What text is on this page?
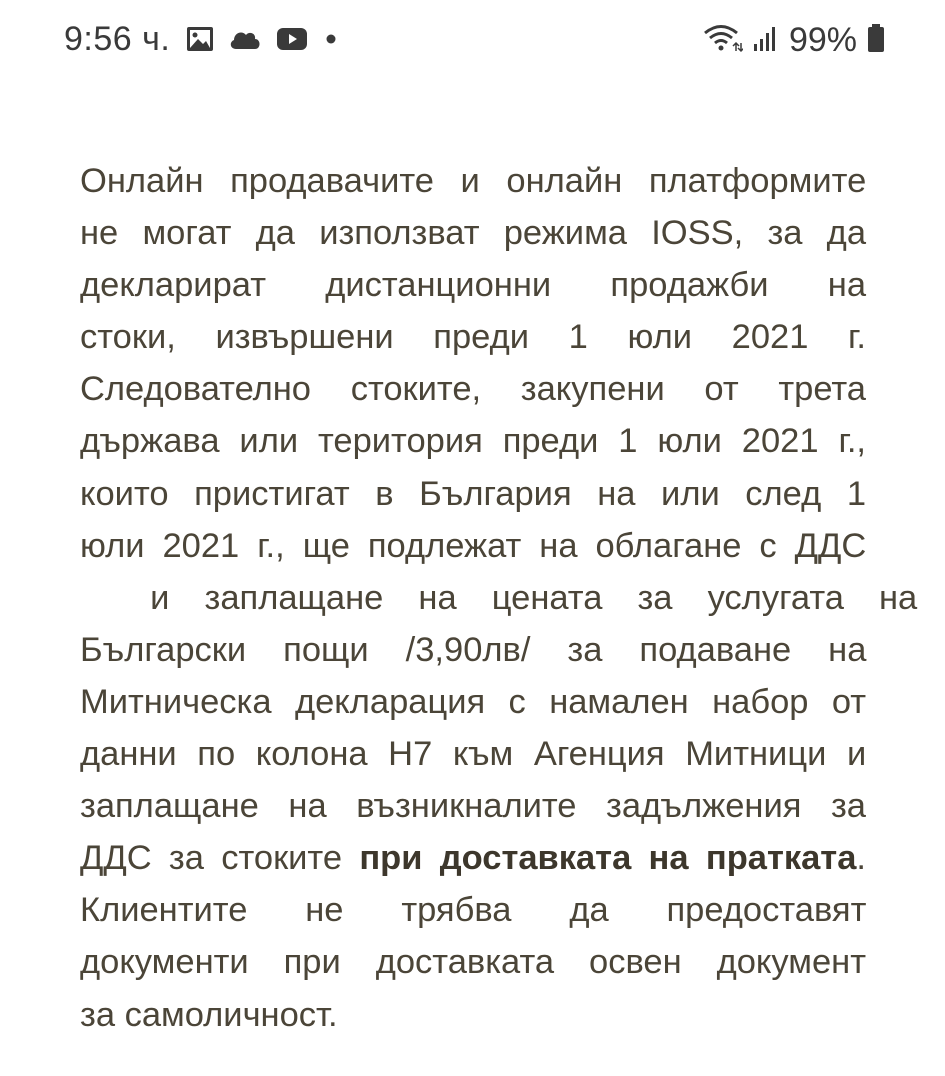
9:56 ч.	99%
Онлайн продавачите и онлайн платформите
не могат да използват режима IOSS, за да
декларират дистанционни продажби на
стоки, извършени преди 1 юли 2021 г.
Следователно стоките, закупени от трета
държава или територия преди 1 юли 2021 г.,
които пристигат в България на или след 1
юли 2021 г., ще подлежат на облагане с ДДС
и заплащане на цената за услугата на
Български пощи /3,90лв/ за подаване на
Митническа декларация с намален набор от
данни по колона H7 към Агенция Митници и
заплащане на възникналите задължения за
ДДС за стоките при доставката на пратката.
Клиентите не трябва да предоставят
документи при доставката освен документ
за самоличност.
